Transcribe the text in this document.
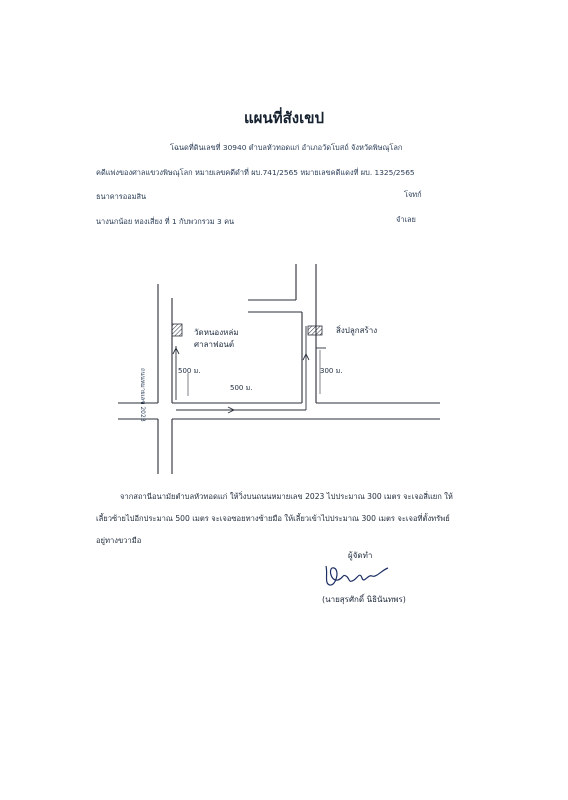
แผนที่สังเขป
โฉนดที่ดินเลขที่ 30940 ตำบลหัวทอดแก่ อำเภอวัดโบสถ์ จังหวัดพิษณุโลก
คดีแพ่งของศาลแขวงพิษณุโลก หมายเลขคดีดำที่ ผบ.741/2565 หมายเลขคดีแดงที่ ผบ. 1325/2565
ธนาคารออมสิน	โจทก์
นางนกน้อย ทองเสี่ยง ที่ 1 กับพวกรวม 3 คน	จำเลย
วัดหนองหล่ม
ศาลาฟอนต์
สิ่งปลูกสร้าง
500 ม.
500 ม.
300 ม.
ถนนหมายเลข 2023
จากสถานีอนามัยตำบลหัวทอดแก่ ให้วิ่งบนถนนหมายเลข 2023 ไปประมาณ 300 เมตร จะเจอสี่แยก ให้เลี้ยวซ้ายไปอีกประมาณ 500 เมตร จะเจอซอยทางซ้ายมือ ให้เลี้ยวเข้าไปประมาณ 300 เมตร จะเจอที่ตั้งทรัพย์อยู่ทางขวามือ
ผู้จัดทำ
(นายสุรศักดิ์ นิธินันทพร)
